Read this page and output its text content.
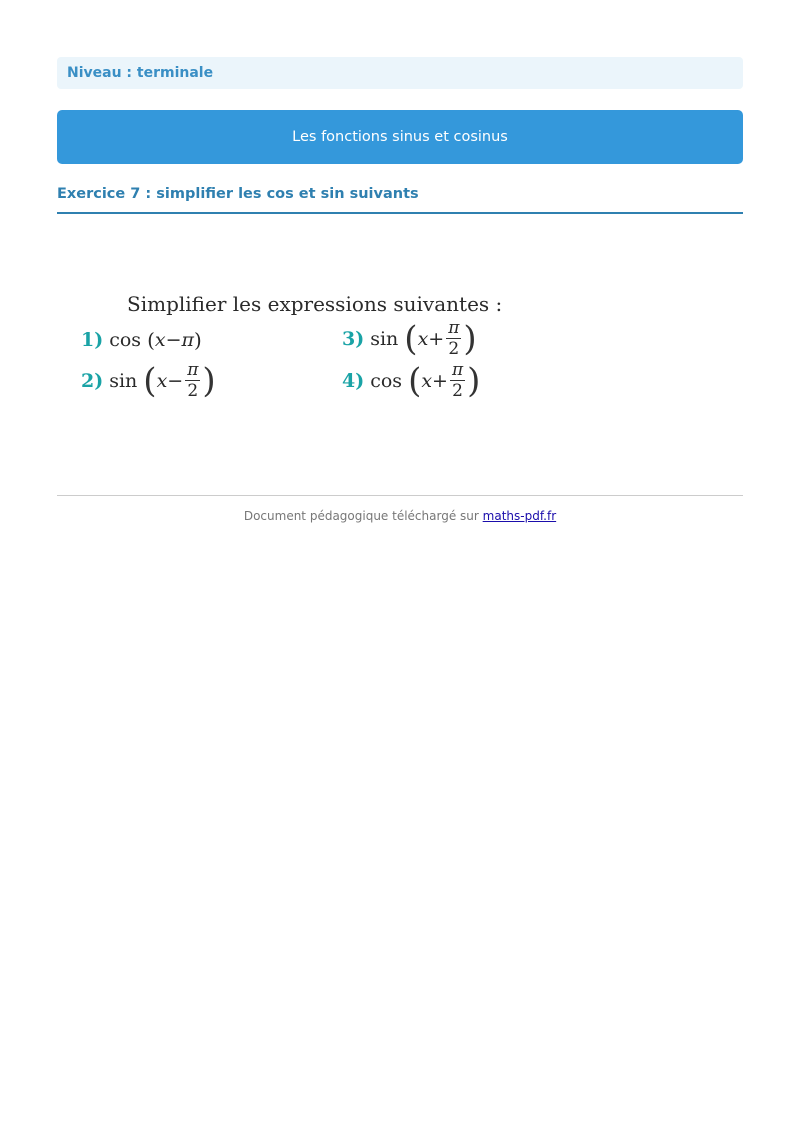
Niveau : terminale
Les fonctions sinus et cosinus
Exercice 7 : simplifier les cos et sin suivants
Simplifier les expressions suivantes :
1) cos ( x − π )
2) sin ( $x - \frac{\pi}{2}$ )
3) sin ( $x + \frac{\pi}{2}$ )
4) cos ( $x + \frac{\pi}{2}$ )
Document pédagogique téléchargé sur maths-pdf.fr
